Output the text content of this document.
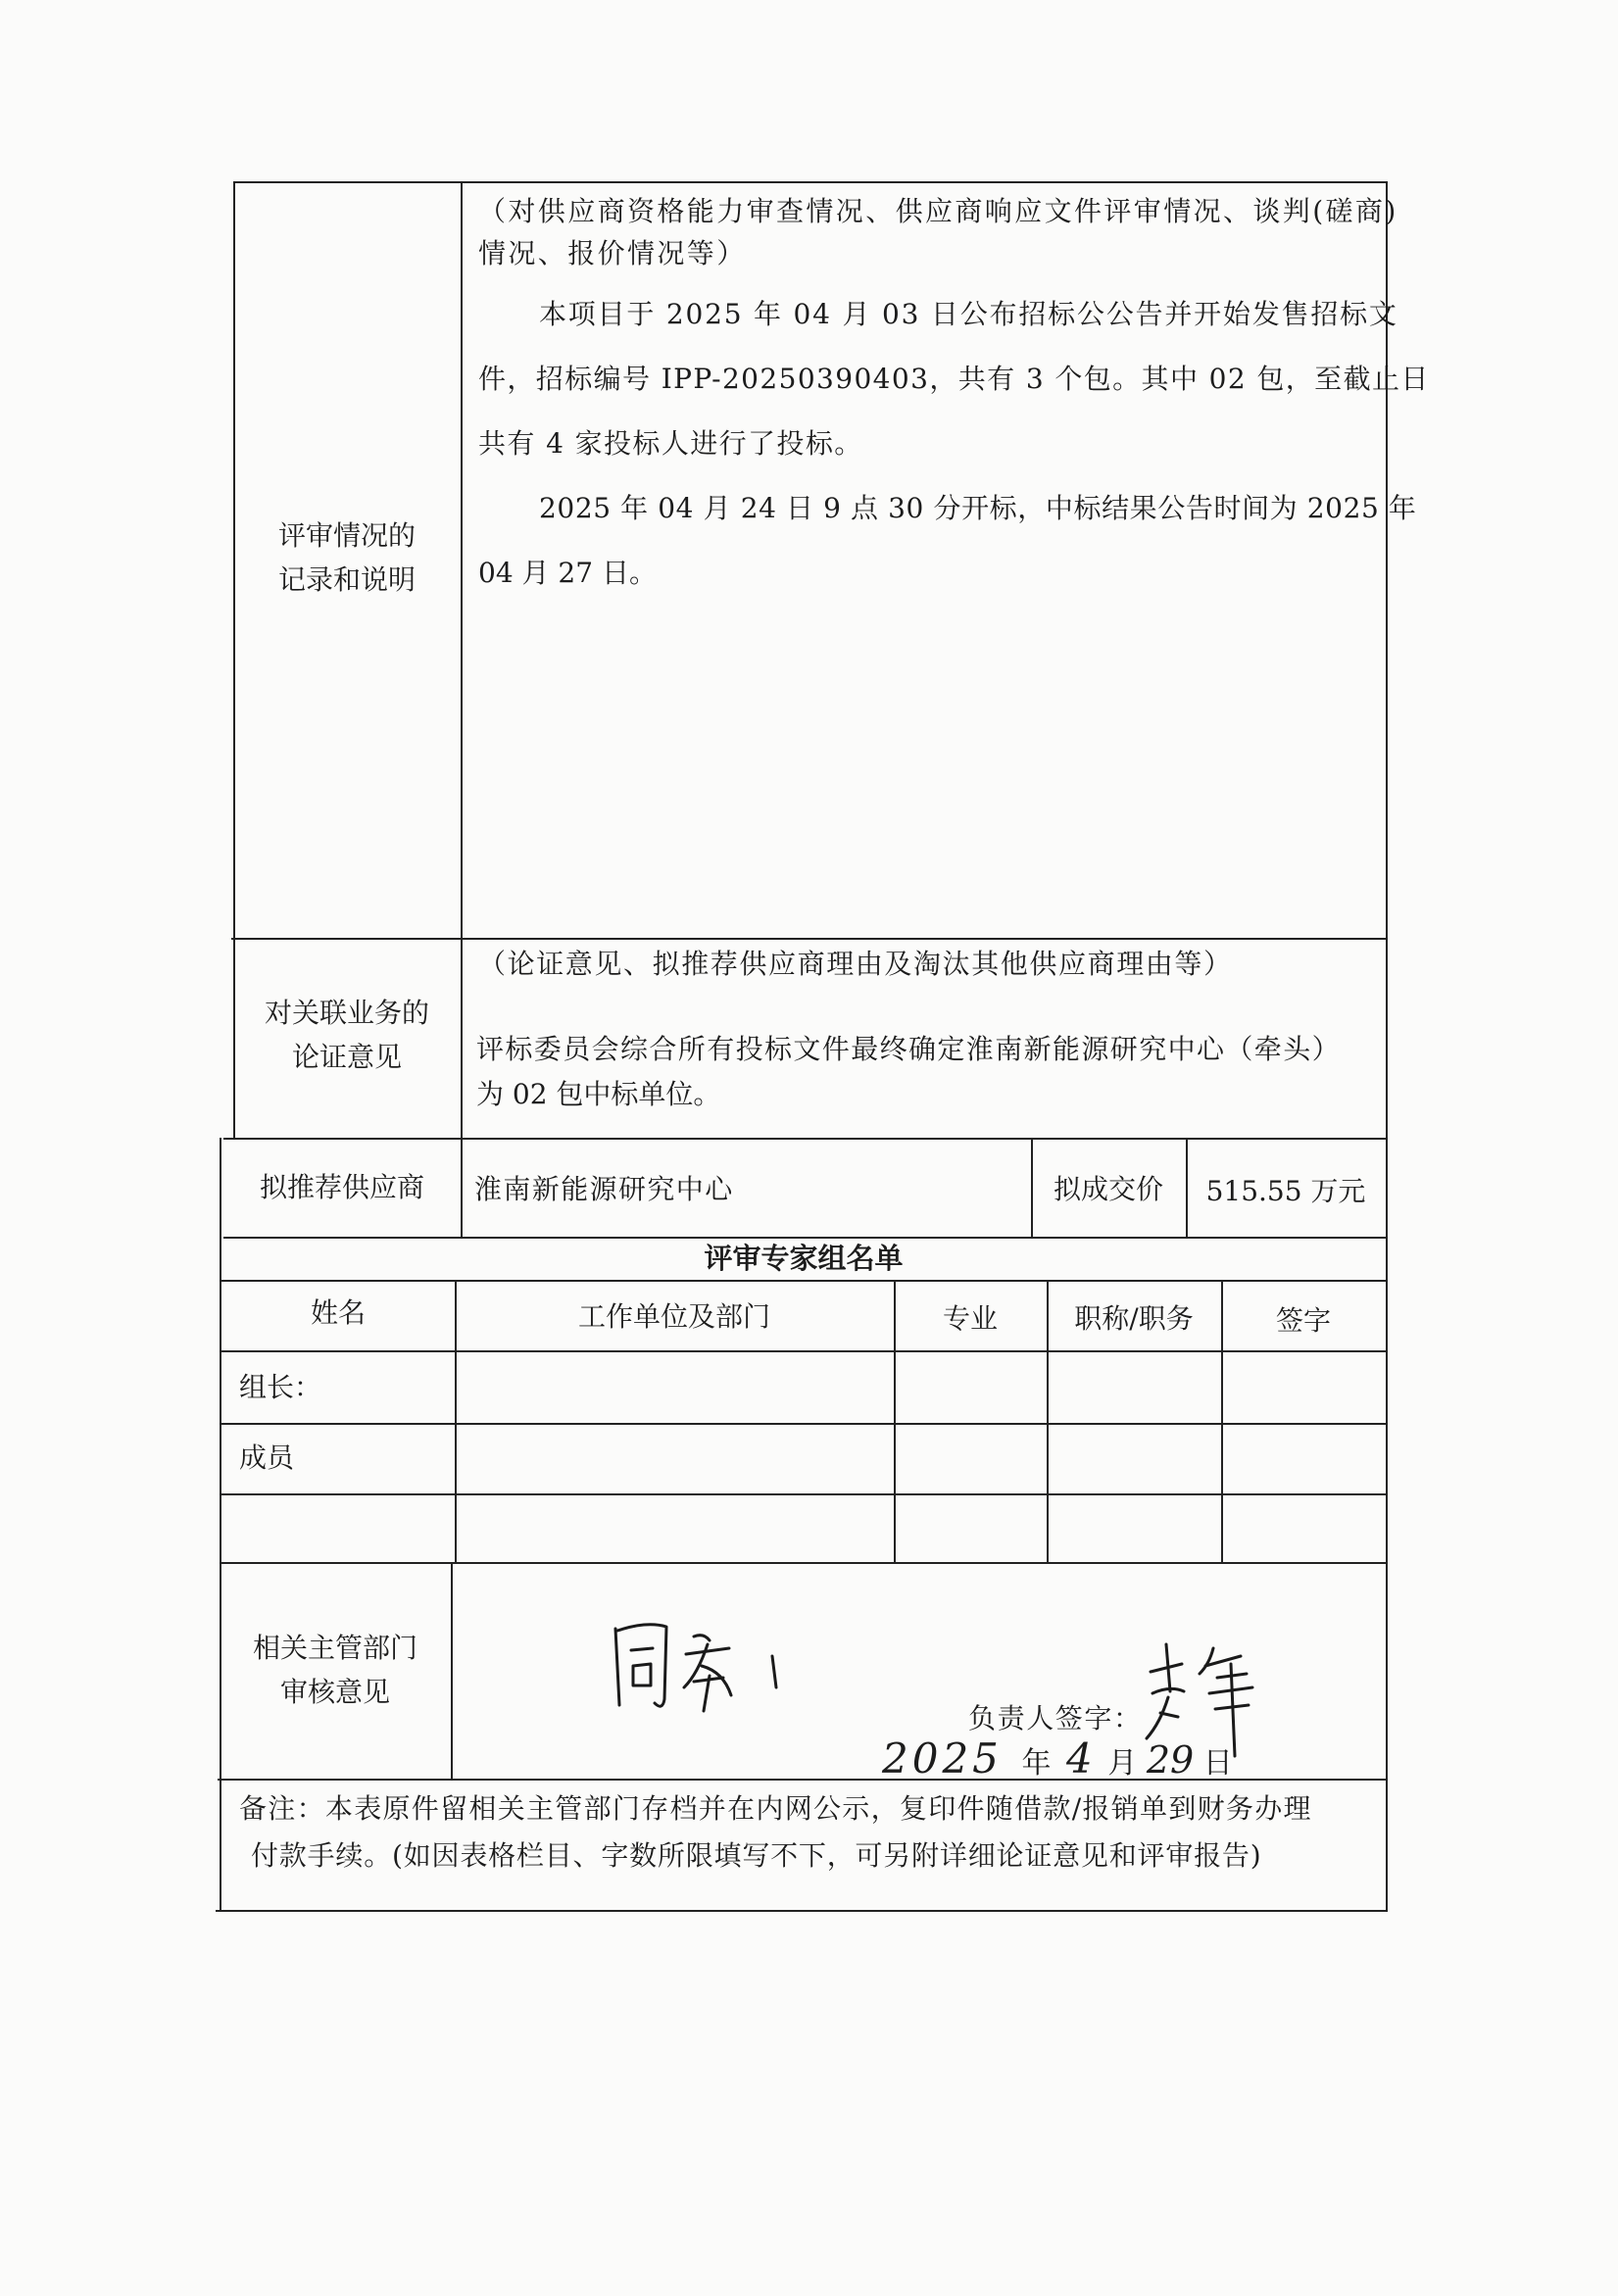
评审情况的
记录和说明
（对供应商资格能力审查情况、供应商响应文件评审情况、谈判(磋商)
情况、报价情况等）
本项目于 2025 年 04 月 03 日公布招标公公告并开始发售招标文
件，招标编号 IPP-20250390403，共有 3 个包。其中 02 包，至截止日
共有 4 家投标人进行了投标。
2025 年 04 月 24 日 9 点 30 分开标，中标结果公告时间为 2025 年
04 月 27 日。
对关联业务的
论证意见
（论证意见、拟推荐供应商理由及淘汰其他供应商理由等）
评标委员会综合所有投标文件最终确定淮南新能源研究中心（牵头）
为 02 包中标单位。
拟推荐供应商	淮南新能源研究中心	拟成交价	515.55 万元
评审专家组名单
姓名	工作单位及部门	专业	职称/职务	签字
组长：
成员
相关主管部门
审核意见
负责人签字：
2025 年 4 月 29 日
备注：本表原件留相关主管部门存档并在内网公示，复印件随借款/报销单到财务办理
付款手续。(如因表格栏目、字数所限填写不下，可另附详细论证意见和评审报告)
